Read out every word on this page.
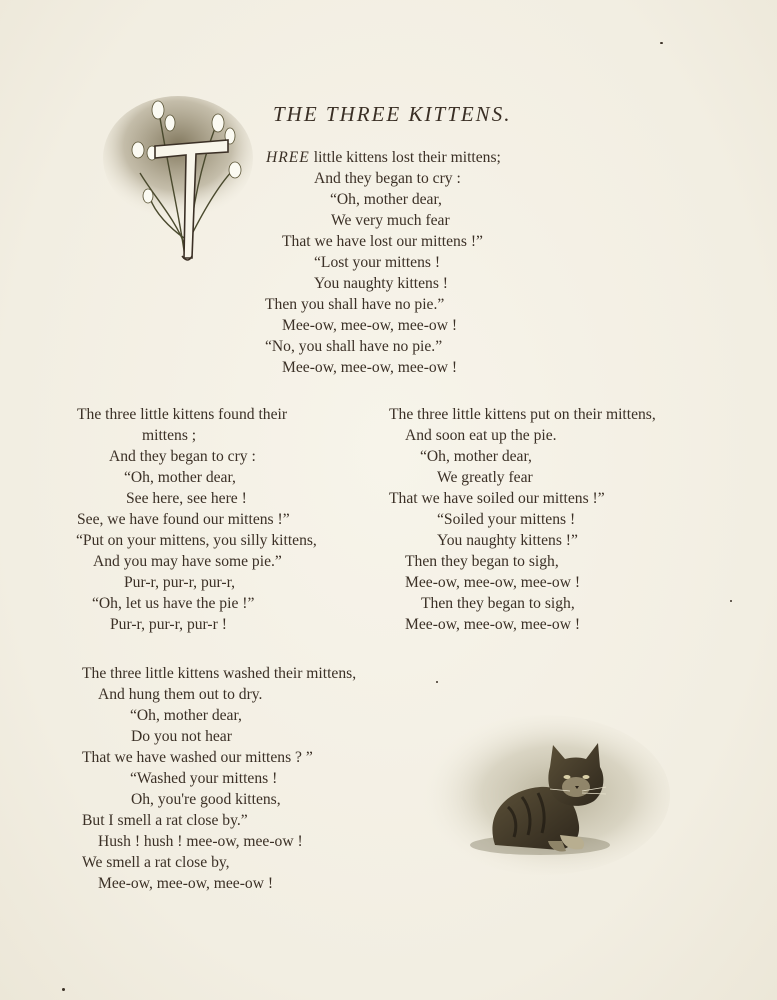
THE THREE KITTENS.
HREE little kittens lost their mittens;
And they began to cry :
“Oh, mother dear,
We very much fear
That we have lost our mittens !”
“Lost your mittens !
You naughty kittens !
Then you shall have no pie.”
Mee-ow, mee-ow, mee-ow !
“No, you shall have no pie.”
Mee-ow, mee-ow, mee-ow !
The three little kittens found their
mittens ;
And they began to cry :
“Oh, mother dear,
See here, see here !
See, we have found our mittens !”
“Put on your mittens, you silly kittens,
And you may have some pie.”
Pur-r, pur-r, pur-r,
“Oh, let us have the pie !”
Pur-r, pur-r, pur-r !
The three little kittens put on their mittens,
And soon eat up the pie.
“Oh, mother dear,
We greatly fear
That we have soiled our mittens !”
“Soiled your mittens !
You naughty kittens !”
Then they began to sigh,
Mee-ow, mee-ow, mee-ow !
Then they began to sigh,
Mee-ow, mee-ow, mee-ow !
The three little kittens washed their mittens,
And hung them out to dry.
“Oh, mother dear,
Do you not hear
That we have washed our mittens ? ”
“Washed your mittens !
Oh, you're good kittens,
But I smell a rat close by.”
Hush ! hush ! mee-ow, mee-ow !
We smell a rat close by,
Mee-ow, mee-ow, mee-ow !
